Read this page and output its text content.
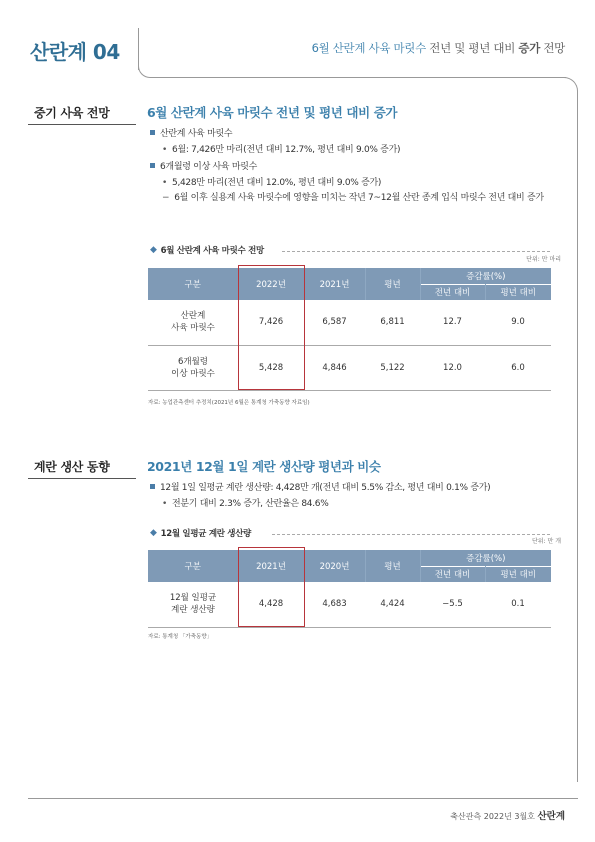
산란계 04	6월 산란계 사육 마릿수 전년 및 평년 대비 증가 전망
중기 사육 전망	6월 산란계 사육 마릿수 전년 및 평년 대비 증가
산란계 사육 마릿수
• 6월: 7,426만 마리(전년 대비 12.7%, 평년 대비 9.0% 증가)
6개월령 이상 사육 마릿수
• 5,428만 마리(전년 대비 12.0%, 평년 대비 9.0% 증가)
− 6월 이후 실용계 사육 마릿수에 영향을 미치는 작년 7~12월 산란 종계 입식 마릿수 전년 대비 증가
◆ 6월 산란계 사육 마릿수 전망
단위: 만 마리
구분	2022년	2021년	평년	증감률(%)	
				전년 대비	평년 대비
산란계
사육 마릿수	7,426	6,587	6,811	12.7	9.0
6개월령
이상 마릿수	5,428	4,846	5,122	12.0	6.0
자료: 농업관측센터 추정치(2021년 6월은 통계청 가축동향 자료임)
계란 생산 동향	2021년 12월 1일 계란 생산량 평년과 비슷
12월 1일 일평균 계란 생산량: 4,428만 개(전년 대비 5.5% 감소, 평년 대비 0.1% 증가)
• 전분기 대비 2.3% 증가, 산란율은 84.6%
◆ 12월 일평균 계란 생산량
단위: 만 개
구분	2021년	2020년	평년	증감률(%)	
				전년 대비	평년 대비
12월 일평균
계란 생산량	4,428	4,683	4,424	−5.5	0.1
자료: 통계청 「가축동향」
축산관측 2022년 3월호 산란계
